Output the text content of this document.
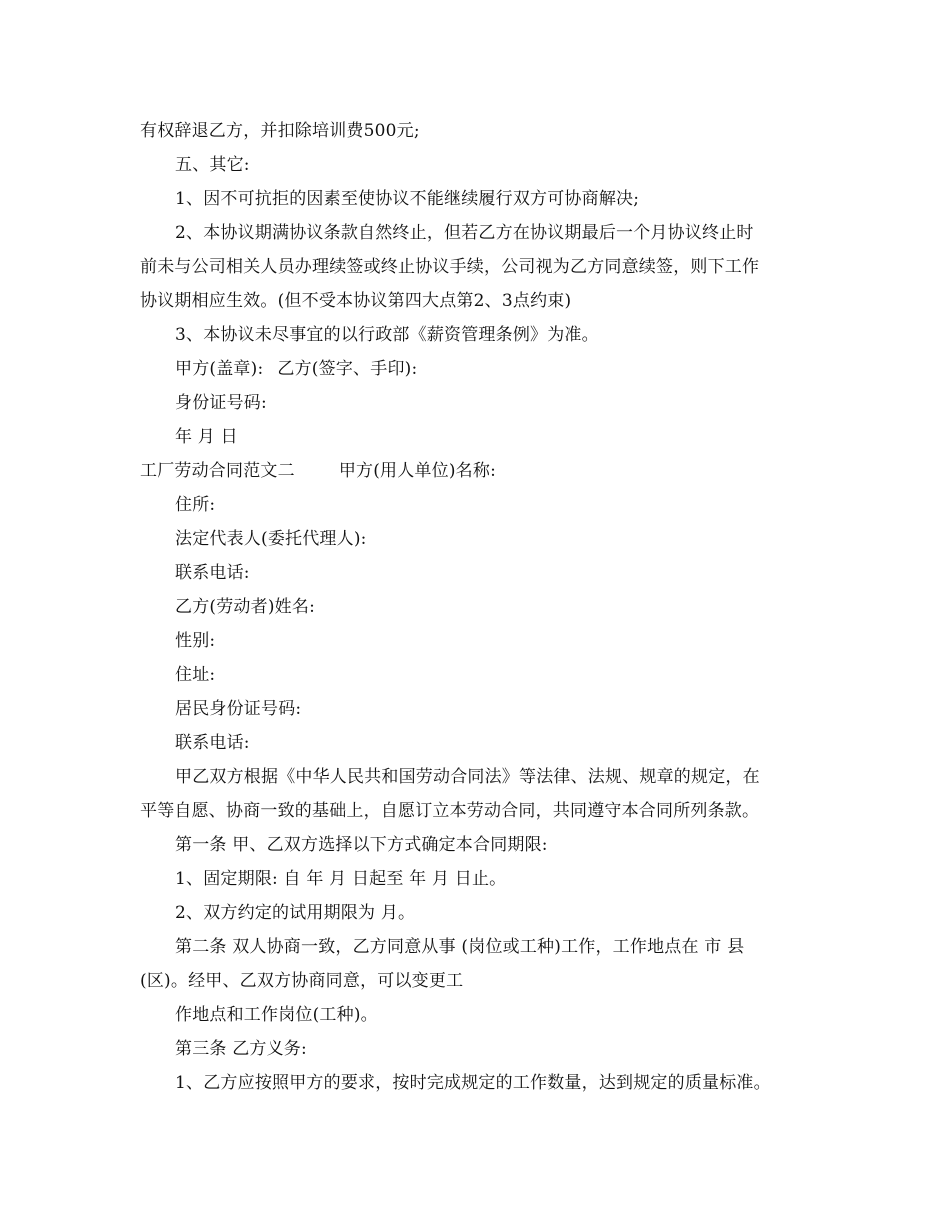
有权辞退乙方，并扣除培训费500元;
五、其它:
1、因不可抗拒的因素至使协议不能继续履行双方可协商解决;
2、本协议期满协议条款自然终止，但若乙方在协议期最后一个月协议终止时
前未与公司相关人员办理续签或终止协议手续，公司视为乙方同意续签，则下工作
协议期相应生效。(但不受本协议第四大点第2、3点约束)
3、本协议未尽事宜的以行政部《薪资管理条例》为准。
甲方(盖章): 乙方(签字、手印):
身份证号码:
年 月 日
工厂劳动合同范文二	甲方(用人单位)名称:
住所:
法定代表人(委托代理人):
联系电话:
乙方(劳动者)姓名:
性别:
住址:
居民身份证号码:
联系电话:
甲乙双方根据《中华人民共和国劳动合同法》等法律、法规、规章的规定，在
平等自愿、协商一致的基础上，自愿订立本劳动合同，共同遵守本合同所列条款。
第一条 甲、乙双方选择以下方式确定本合同期限:
1、固定期限: 自 年 月 日起至 年 月 日止。
2、双方约定的试用期限为 月。
第二条 双人协商一致，乙方同意从事 (岗位或工种)工作，工作地点在 市 县
(区)。经甲、乙双方协商同意，可以变更工
作地点和工作岗位(工种)。
第三条 乙方义务:
1、乙方应按照甲方的要求，按时完成规定的工作数量，达到规定的质量标准。
